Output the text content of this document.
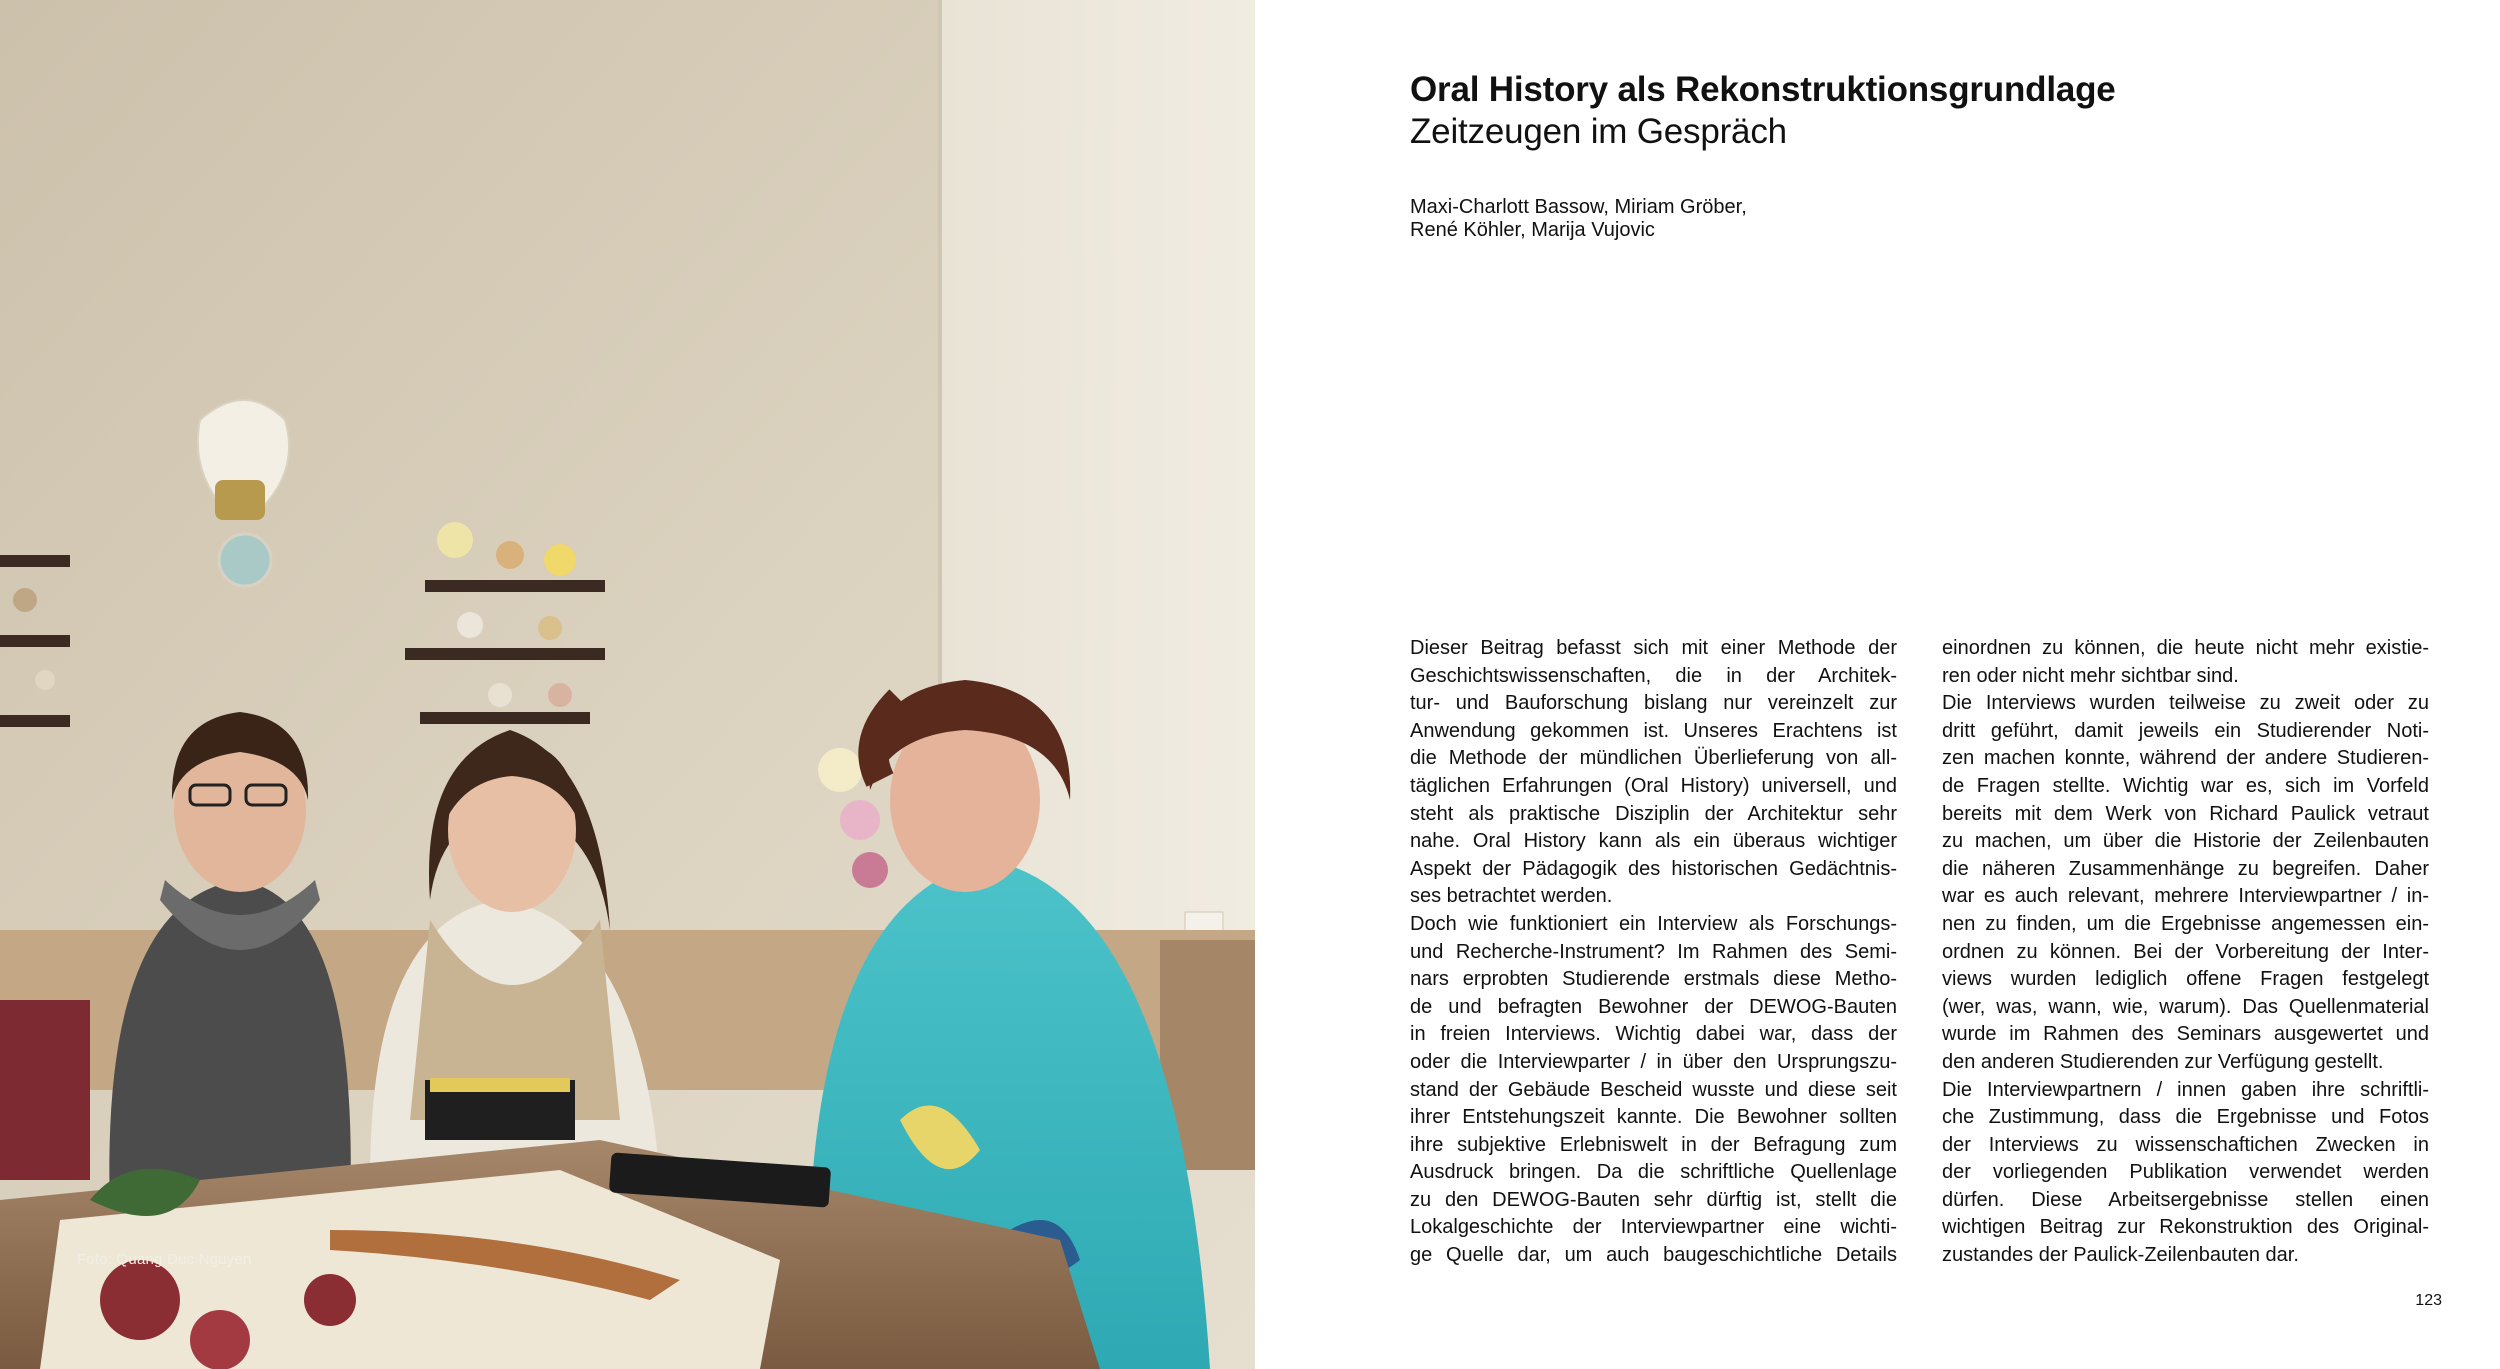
Foto: Quang Duc Nguyen
Oral History als Rekonstruktionsgrundlage
Zeitzeugen im Gespräch
Maxi-Charlott Bassow, Miriam Gröber,
René Köhler, Marija Vujovic
Dieser Beitrag befasst sich mit einer Methode der
Geschichtswissenschaften, die in der Architek-
tur- und Bauforschung bislang nur vereinzelt zur
Anwendung gekommen ist. Unseres Erachtens ist
die Methode der mündlichen Überlieferung von all-
täglichen Erfahrungen (Oral History) universell, und
steht als praktische Disziplin der Architektur sehr
nahe. Oral History kann als ein überaus wichtiger
Aspekt der Pädagogik des historischen Gedächtnis-
ses betrachtet werden.
Doch wie funktioniert ein Interview als Forschungs-
und Recherche-Instrument? Im Rahmen des Semi-
nars erprobten Studierende erstmals diese Metho-
de und befragten Bewohner der DEWOG-Bauten
in freien Interviews. Wichtig dabei war, dass der
oder die Interviewparter / in über den Ursprungszu-
stand der Gebäude Bescheid wusste und diese seit
ihrer Entstehungszeit kannte. Die Bewohner sollten
ihre subjektive Erlebniswelt in der Befragung zum
Ausdruck bringen. Da die schriftliche Quellenlage
zu den DEWOG-Bauten sehr dürftig ist, stellt die
Lokalgeschichte der Interviewpartner eine wichti-
ge Quelle dar, um auch baugeschichtliche Details
einordnen zu können, die heute nicht mehr existie-
ren oder nicht mehr sichtbar sind.
Die Interviews wurden teilweise zu zweit oder zu
dritt geführt, damit jeweils ein Studierender Noti-
zen machen konnte, während der andere Studieren-
de Fragen stellte. Wichtig war es, sich im Vorfeld
bereits mit dem Werk von Richard Paulick vetraut
zu machen, um über die Historie der Zeilenbauten
die näheren Zusammenhänge zu begreifen. Daher
war es auch relevant, mehrere Interviewpartner / in-
nen zu finden, um die Ergebnisse angemessen ein-
ordnen zu können. Bei der Vorbereitung der Inter-
views wurden lediglich offene Fragen festgelegt
(wer, was, wann, wie, warum). Das Quellenmaterial
wurde im Rahmen des Seminars ausgewertet und
den anderen Studierenden zur Verfügung gestellt.
Die Interviewpartnern / innen gaben ihre schriftli-
che Zustimmung, dass die Ergebnisse und Fotos
der Interviews zu wissenschaftichen Zwecken in
der vorliegenden Publikation verwendet werden
dürfen. Diese Arbeitsergebnisse stellen einen
wichtigen Beitrag zur Rekonstruktion des Original-
zustandes der Paulick-Zeilenbauten dar.
123
